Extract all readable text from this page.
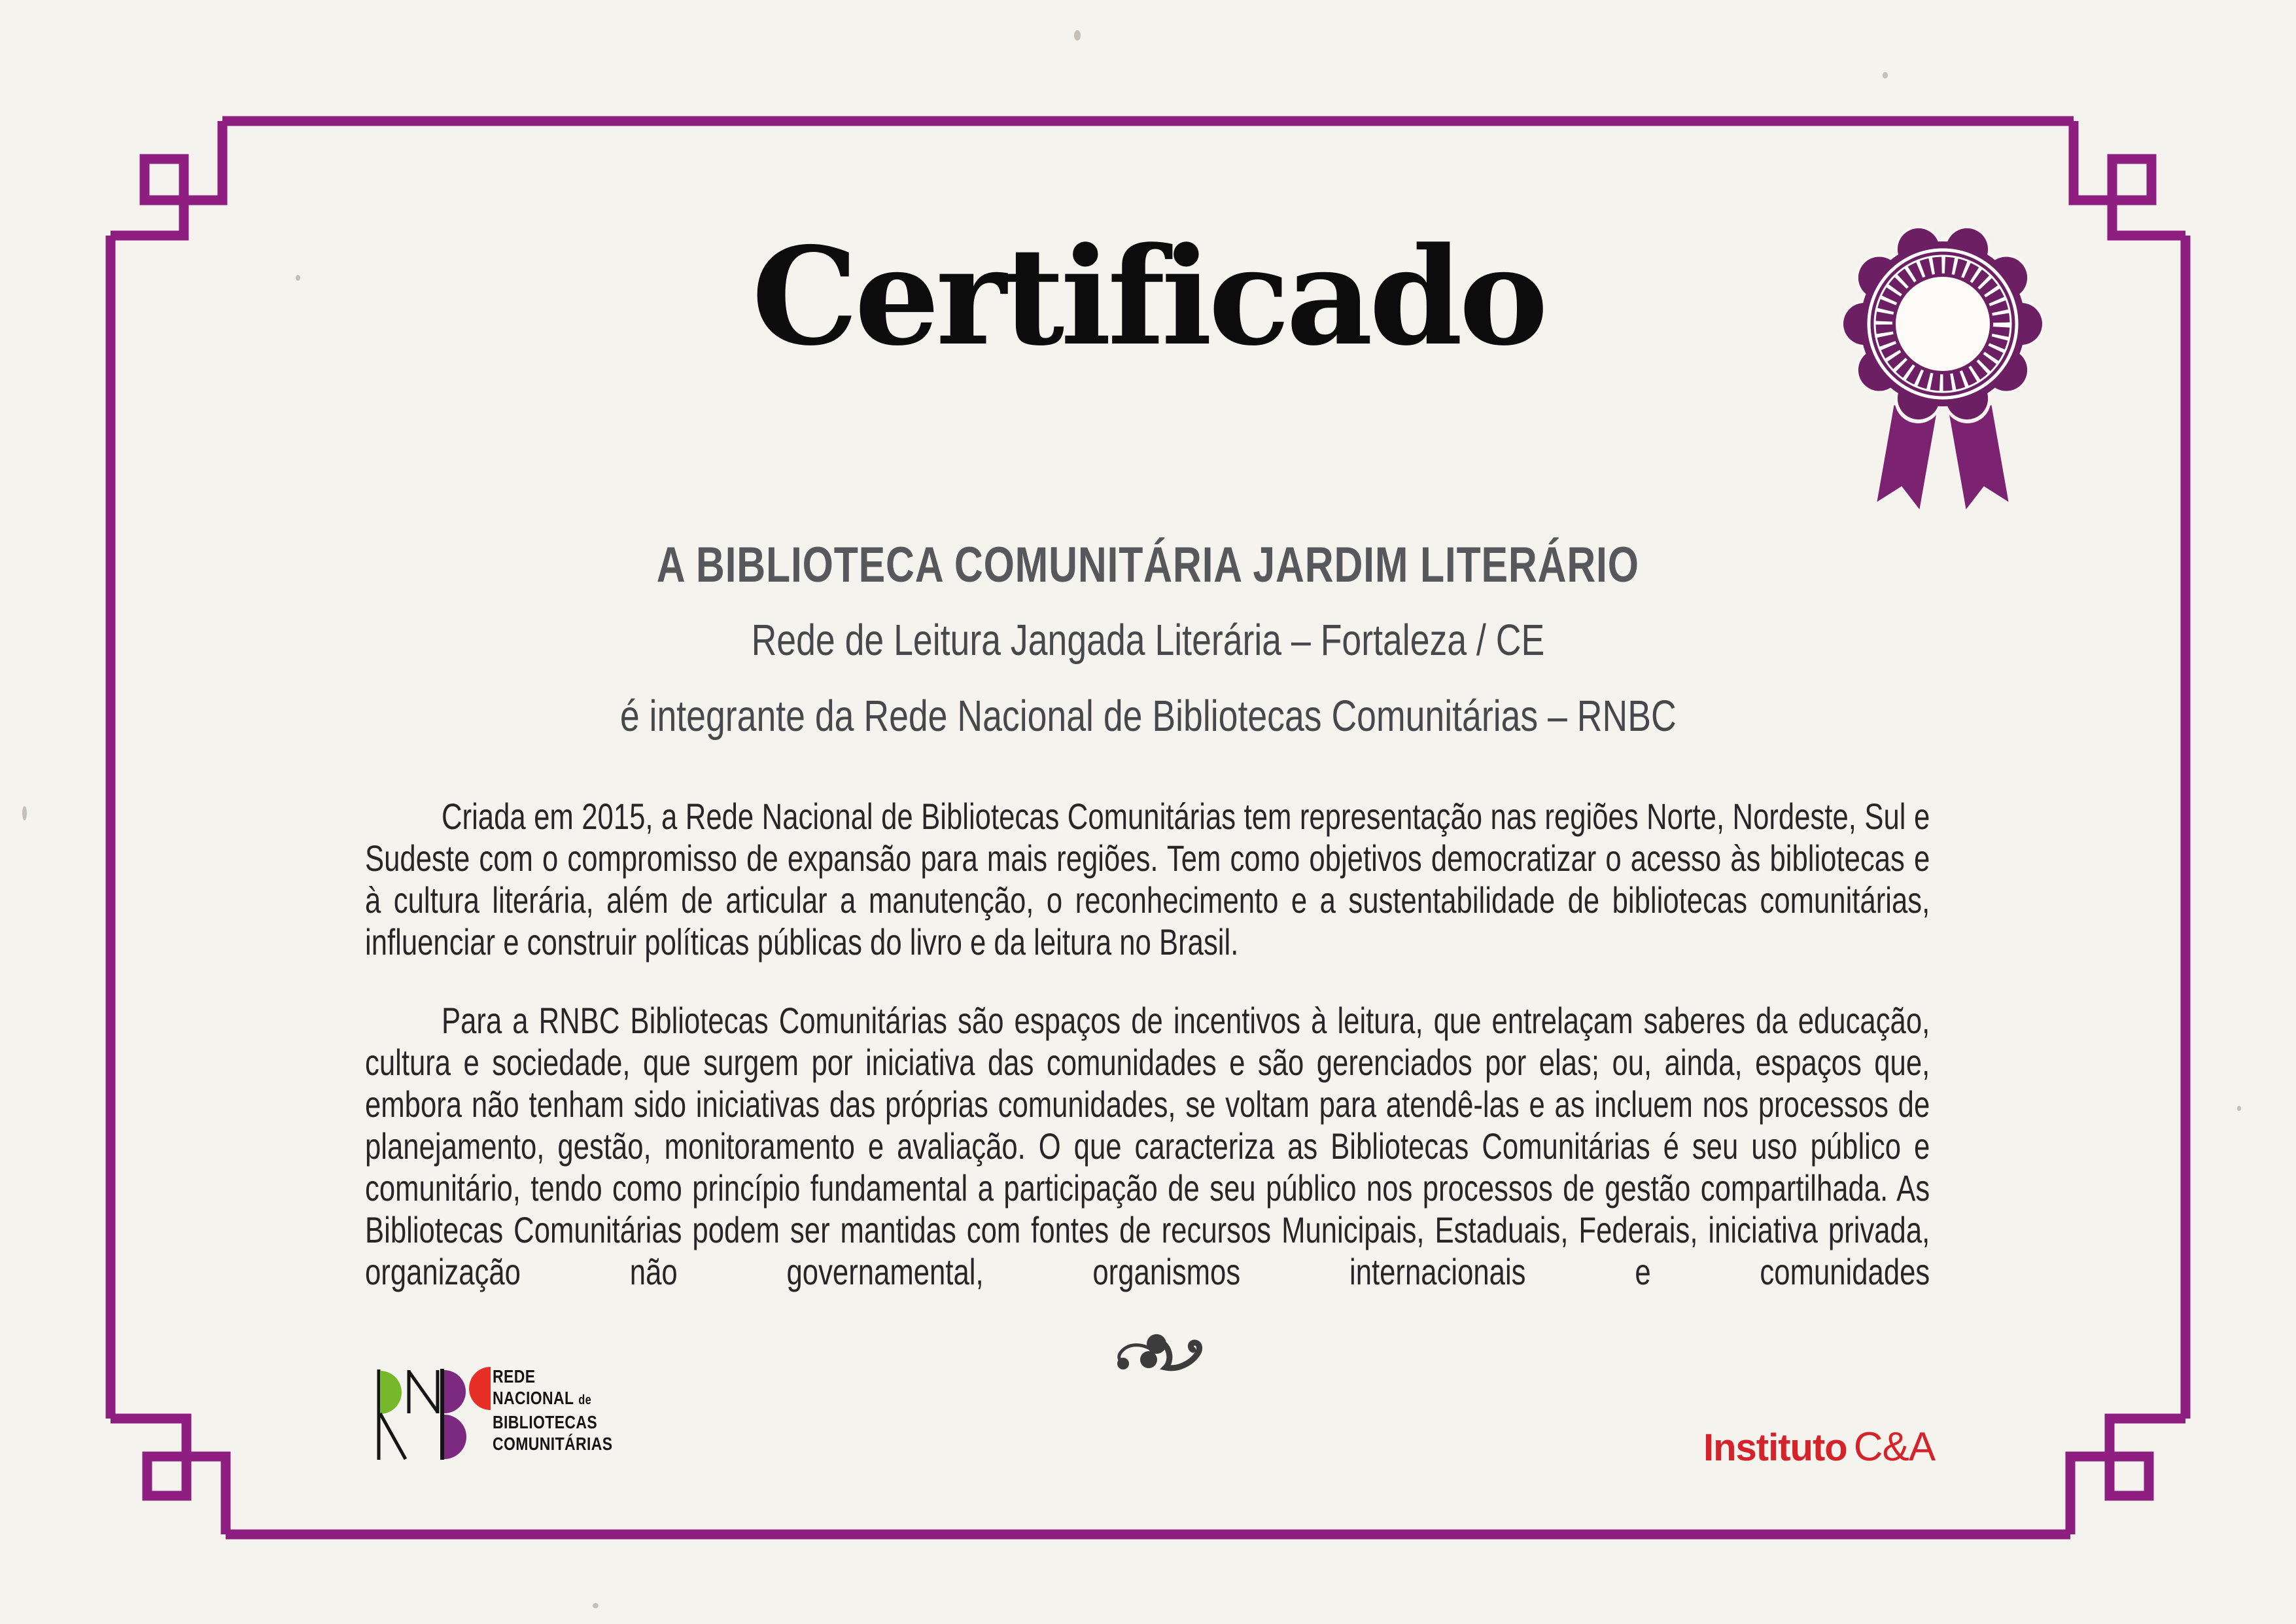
Certificado
A BIBLIOTECA COMUNITÁRIA JARDIM LITERÁRIO
Rede de Leitura Jangada Literária – Fortaleza / CE
é integrante da Rede Nacional de Bibliotecas Comunitárias – RNBC

Criada em 2015, a Rede Nacional de Bibliotecas Comunitárias tem representação nas regiões Norte, Nordeste, Sul e Sudeste com o compromisso de expansão para mais regiões. Tem como objetivos democratizar o acesso às bibliotecas e à cultura literária, além de articular a manutenção, o reconhecimento e a sustentabilidade de bibliotecas comunitárias, influenciar e construir políticas públicas do livro e da leitura no Brasil.

Para a RNBC Bibliotecas Comunitárias são espaços de incentivos à leitura, que entrelaçam saberes da educação, cultura e sociedade, que surgem por iniciativa das comunidades e são gerenciados por elas; ou, ainda, espaços que, embora não tenham sido iniciativas das próprias comunidades, se voltam para atendê-las e as incluem nos processos de planejamento, gestão, monitoramento e avaliação. O que caracteriza as Bibliotecas Comunitárias é seu uso público e comunitário, tendo como princípio fundamental a participação de seu público nos processos de gestão compartilhada. As Bibliotecas Comunitárias podem ser mantidas com fontes de recursos Municipais, Estaduais, Federais, iniciativa privada, organização não governamental, organismos internacionais e comunidades

REDE
NACIONAL de
BIBLIOTECAS
COMUNITÁRIAS	Instituto C&A
